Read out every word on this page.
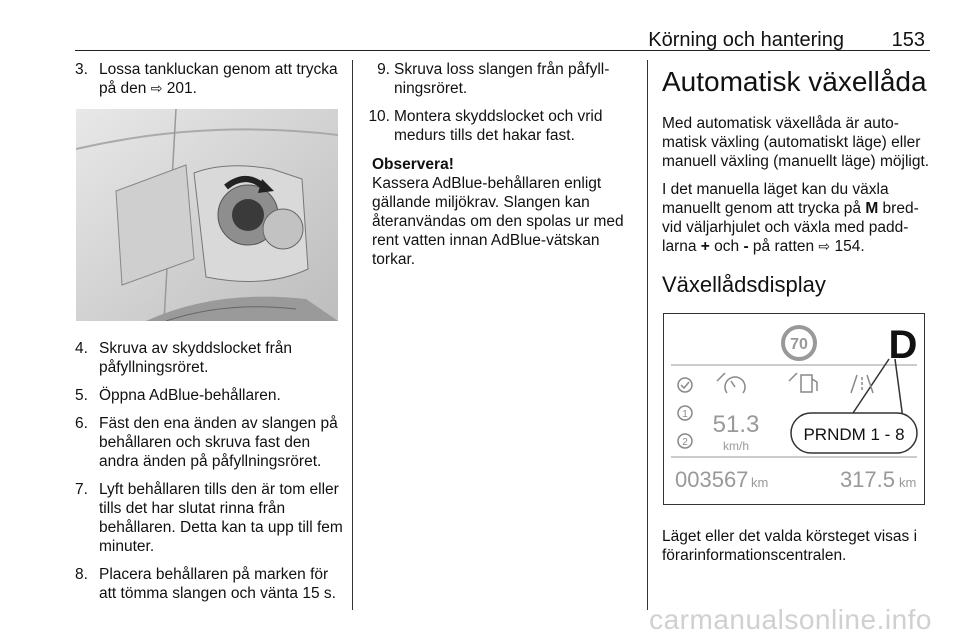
Körning och hantering 153
3. Lossa tankluckan genom att trycka på den ⇨ 201.
4. Skruva av skyddslocket från påfyllningsröret.
5. Öppna AdBlue-behållaren.
6. Fäst den ena änden av slangen på behållaren och skruva fast den andra änden på påfyllningsröret.
7. Lyft behållaren tills den är tom eller tills det har slutat rinna från behållaren. Detta kan ta upp till fem minuter.
8. Placera behållaren på marken för att tömma slangen och vänta 15 s.
9. Skruva loss slangen från påfyllningsröret.
10. Montera skyddslocket och vrid medurs tills det hakar fast.
Observera!
Kassera AdBlue-behållaren enligt gällande miljökrav. Slangen kan återanvändas om den spolas ur med rent vatten innan AdBlue-vätskan torkar.
Automatisk växellåda
Med automatisk växellåda är automatisk växling (automatiskt läge) eller manuell växling (manuellt läge) möjligt.
I det manuella läget kan du växla manuellt genom att trycka på M bredvid väljarhjulet och växla med paddlarna + och - på ratten ⇨ 154.
Växellådsdisplay
70 D
1
2
51.3
km/h
PRNDM 1 - 8
003567 km	317.5 km
Läget eller det valda körsteget visas i förarinformationscentralen.
carmanualsonline.info
